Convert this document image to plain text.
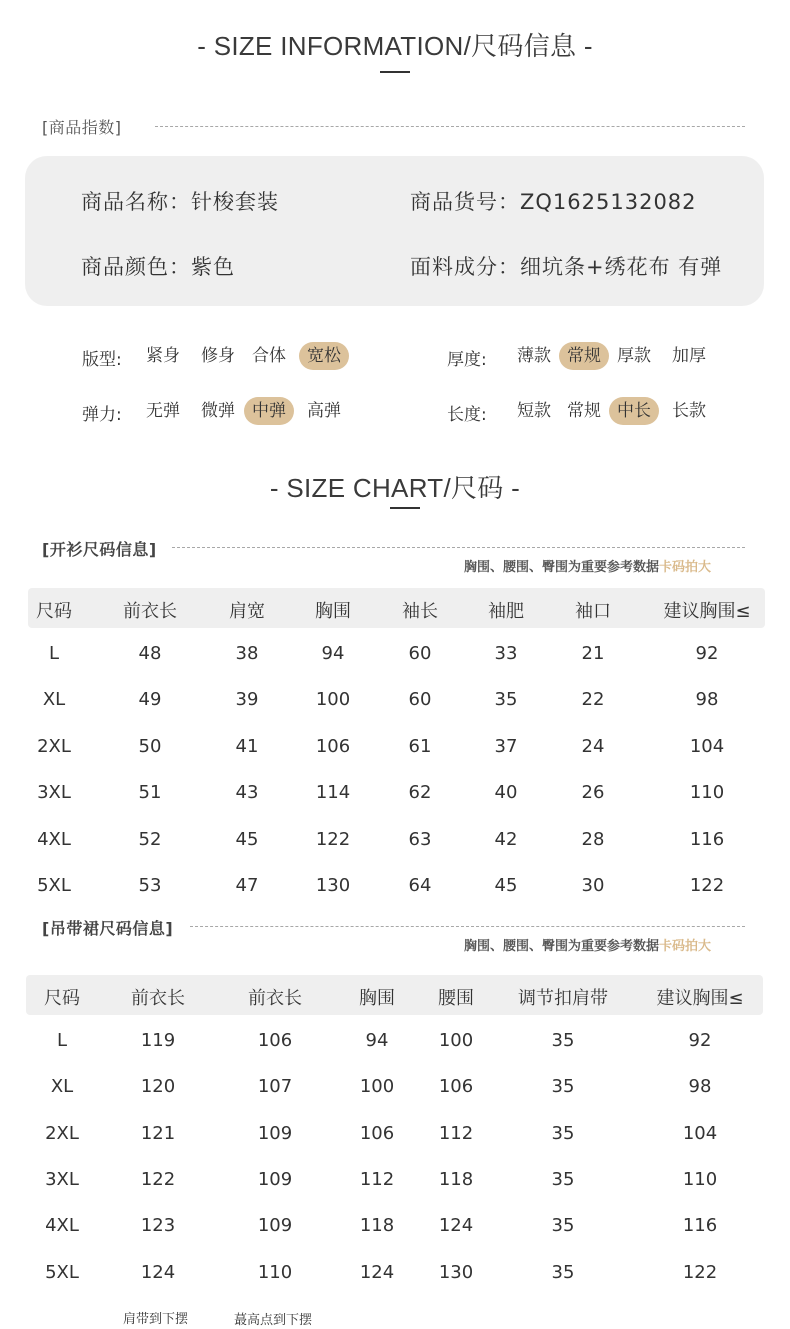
- SIZE INFORMATION/尺码信息 -
[商品指数]
商品名称：针梭套装	商品货号：ZQ1625132082
商品颜色：紫色	面料成分：细坑条+绣花布 有弹
版型: 紧身 修身 合体	宽松	厚度: 薄款 常规 厚款 加厚
弹力: 无弹 微弹	中弹	高弹	长度: 短款 常规 中长	长款
- SIZE CHART/尺码 -
[开衫尺码信息]
胸围、腰围、臀围为重要参考数据卡码拍大
尺码	前衣长	肩宽	胸围	袖长	袖肥	袖口	建议胸围≤
L	48	38	94	60	33	21	92
XL	49	39	100	60	35	22	98
2XL	50	41	106	61	37	24	104
3XL	51	43	114	62	40	26	110
4XL	52	45	122	63	42	28	116
5XL	53	47	130	64	45	30	122
[吊带裙尺码信息]
胸围、腰围、臀围为重要参考数据卡码拍大
尺码	前衣长	前衣长	胸围 腰围 调节扣肩带	建议胸围≤
L	119	106	94	100	35	92
XL	120	107	100 106	35	98
2XL	121	109	106 112	35	104
3XL	122	109	112 118	35	110
4XL	123	109	118 124	35	116
5XL	124	110	124 130	35	122
肩带到下摆	蕞高点到下摆
